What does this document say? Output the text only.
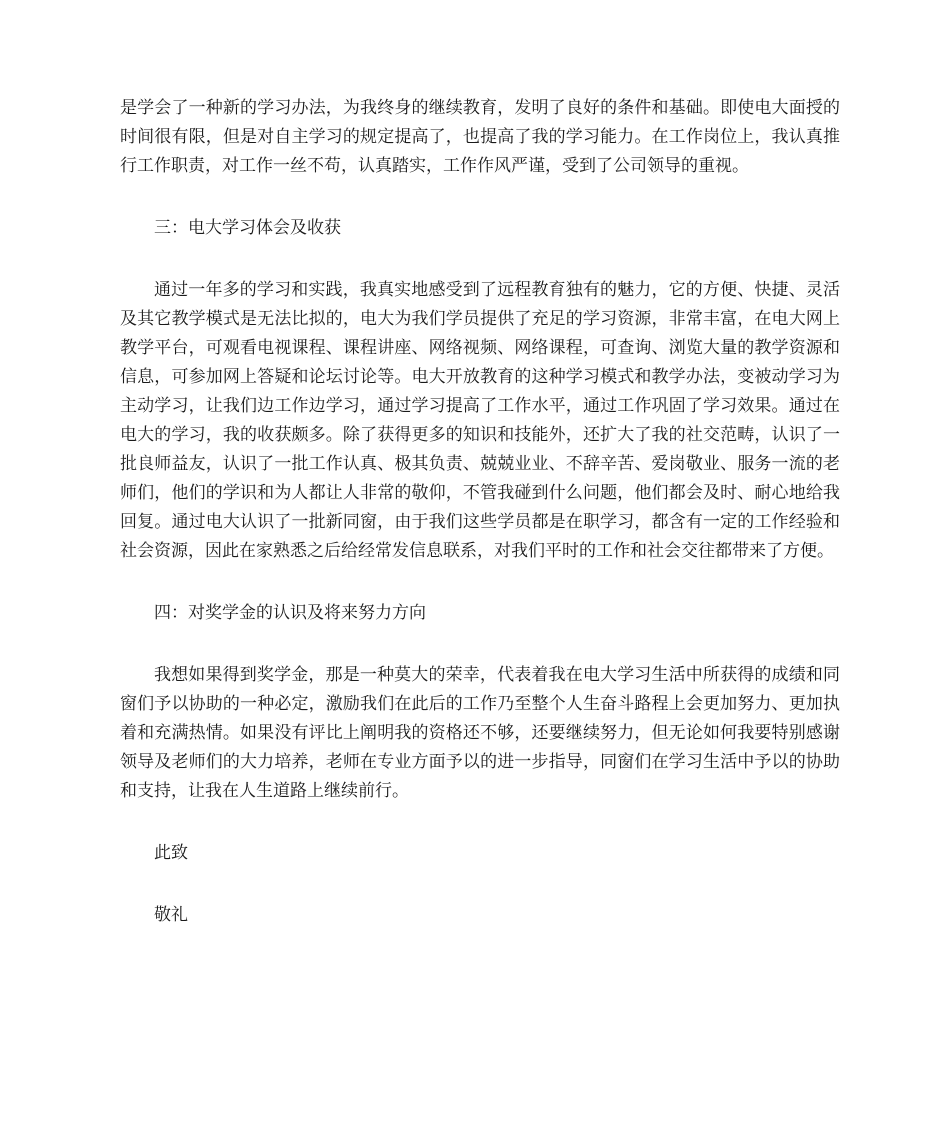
是学会了一种新的学习办法，为我终身的继续教育，发明了良好的条件和基础。即使电大面授的时间很有限，但是对自主学习的规定提高了，也提高了我的学习能力。在工作岗位上，我认真推行工作职责，对工作一丝不苟，认真踏实，工作作风严谨，受到了公司领导的重视。

三：电大学习体会及收获

通过一年多的学习和实践，我真实地感受到了远程教育独有的魅力，它的方便、快捷、灵活及其它教学模式是无法比拟的，电大为我们学员提供了充足的学习资源，非常丰富，在电大网上教学平台，可观看电视课程、课程讲座、网络视频、网络课程，可查询、浏览大量的教学资源和信息，可参加网上答疑和论坛讨论等。电大开放教育的这种学习模式和教学办法，变被动学习为主动学习，让我们边工作边学习，通过学习提高了工作水平，通过工作巩固了学习效果。通过在电大的学习，我的收获颇多。除了获得更多的知识和技能外，还扩大了我的社交范畴，认识了一批良师益友，认识了一批工作认真、极其负责、兢兢业业、不辞辛苦、爱岗敬业、服务一流的老师们，他们的学识和为人都让人非常的敬仰，不管我碰到什么问题，他们都会及时、耐心地给我回复。通过电大认识了一批新同窗，由于我们这些学员都是在职学习，都含有一定的工作经验和社会资源，因此在家熟悉之后给经常发信息联系，对我们平时的工作和社会交往都带来了方便。

四：对奖学金的认识及将来努力方向

我想如果得到奖学金，那是一种莫大的荣幸，代表着我在电大学习生活中所获得的成绩和同窗们予以协助的一种必定，激励我们在此后的工作乃至整个人生奋斗路程上会更加努力、更加执着和充满热情。如果没有评比上阐明我的资格还不够，还要继续努力，但无论如何我要特别感谢领导及老师们的大力培养，老师在专业方面予以的进一步指导，同窗们在学习生活中予以的协助和支持，让我在人生道路上继续前行。

此致

敬礼
